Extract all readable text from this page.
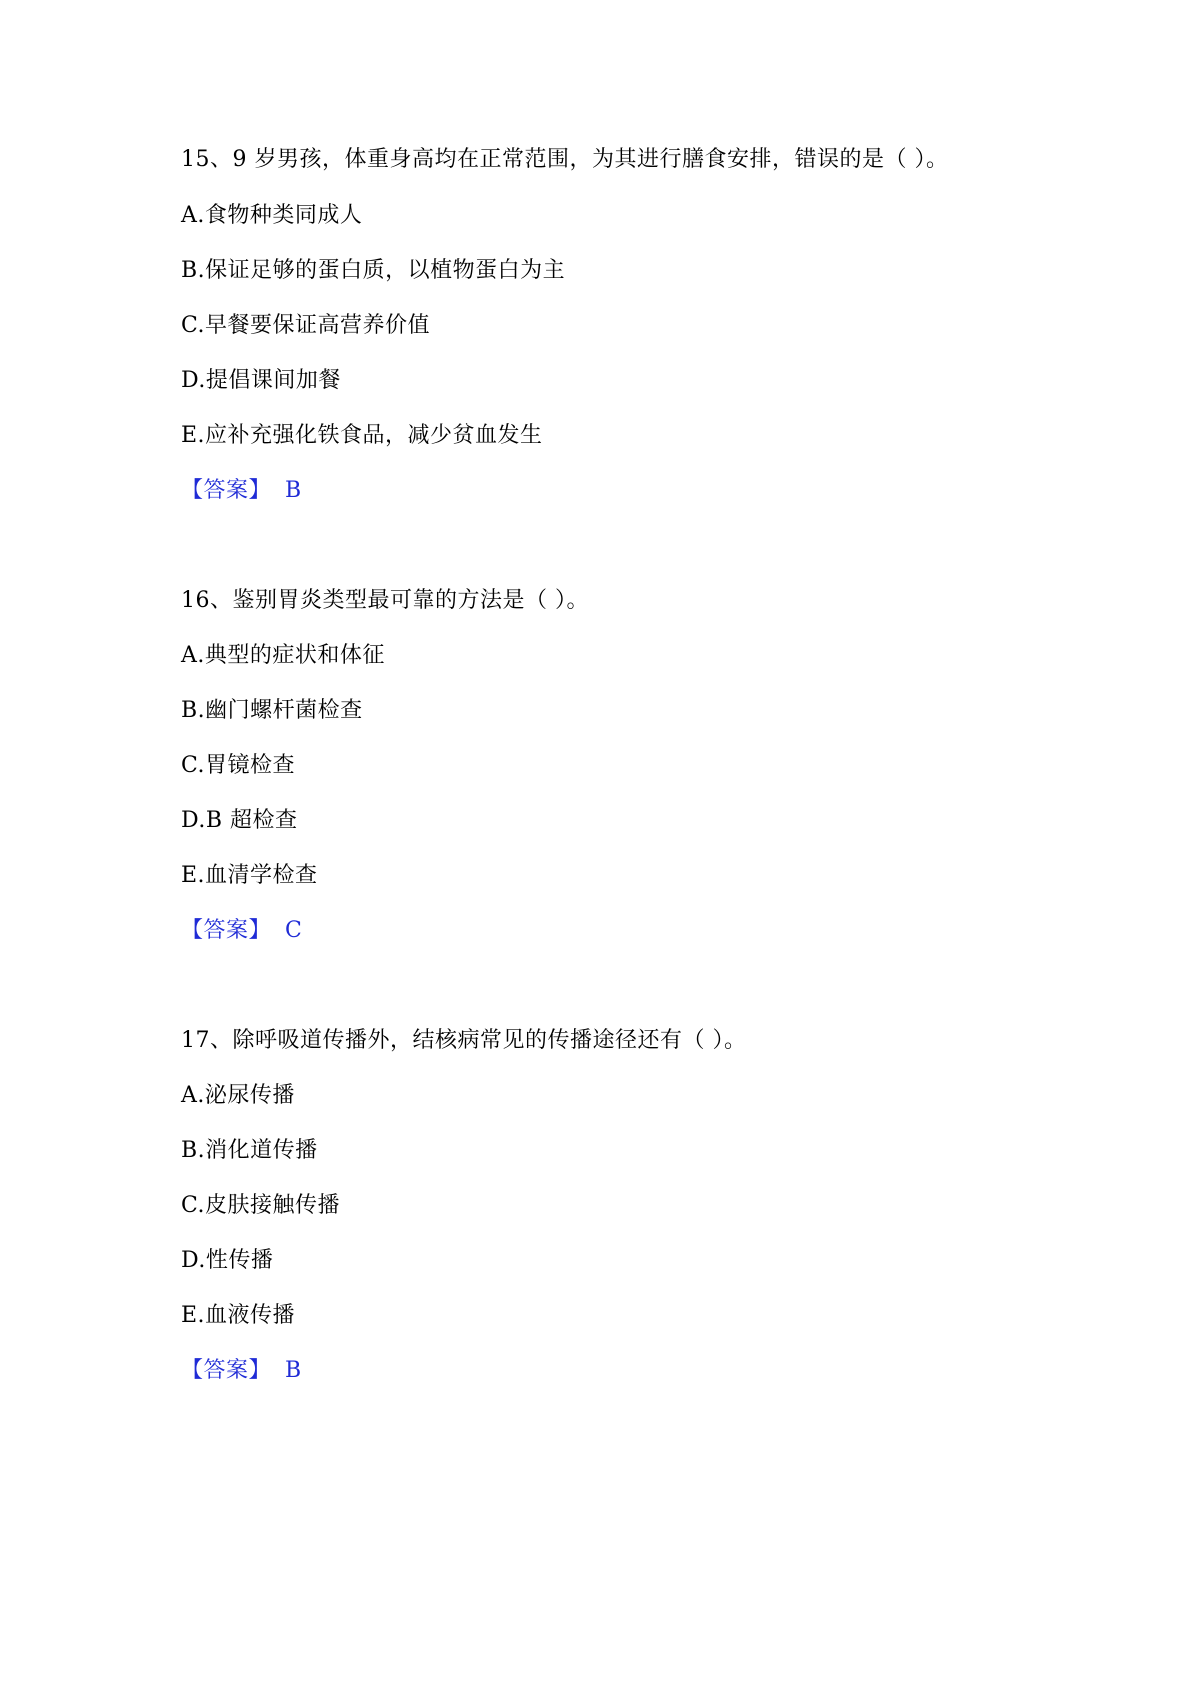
15、9 岁男孩，体重身高均在正常范围，为其进行膳食安排，错误的是（ ）。
A.食物种类同成人
B.保证足够的蛋白质，以植物蛋白为主
C.早餐要保证高营养价值
D.提倡课间加餐
E.应补充强化铁食品，减少贫血发生
【答案】 B
16、鉴别胃炎类型最可靠的方法是（ ）。
A.典型的症状和体征
B.幽门螺杆菌检查
C.胃镜检查
D.B 超检查
E.血清学检查
【答案】 C
17、除呼吸道传播外，结核病常见的传播途径还有（ ）。
A.泌尿传播
B.消化道传播
C.皮肤接触传播
D.性传播
E.血液传播
【答案】 B
